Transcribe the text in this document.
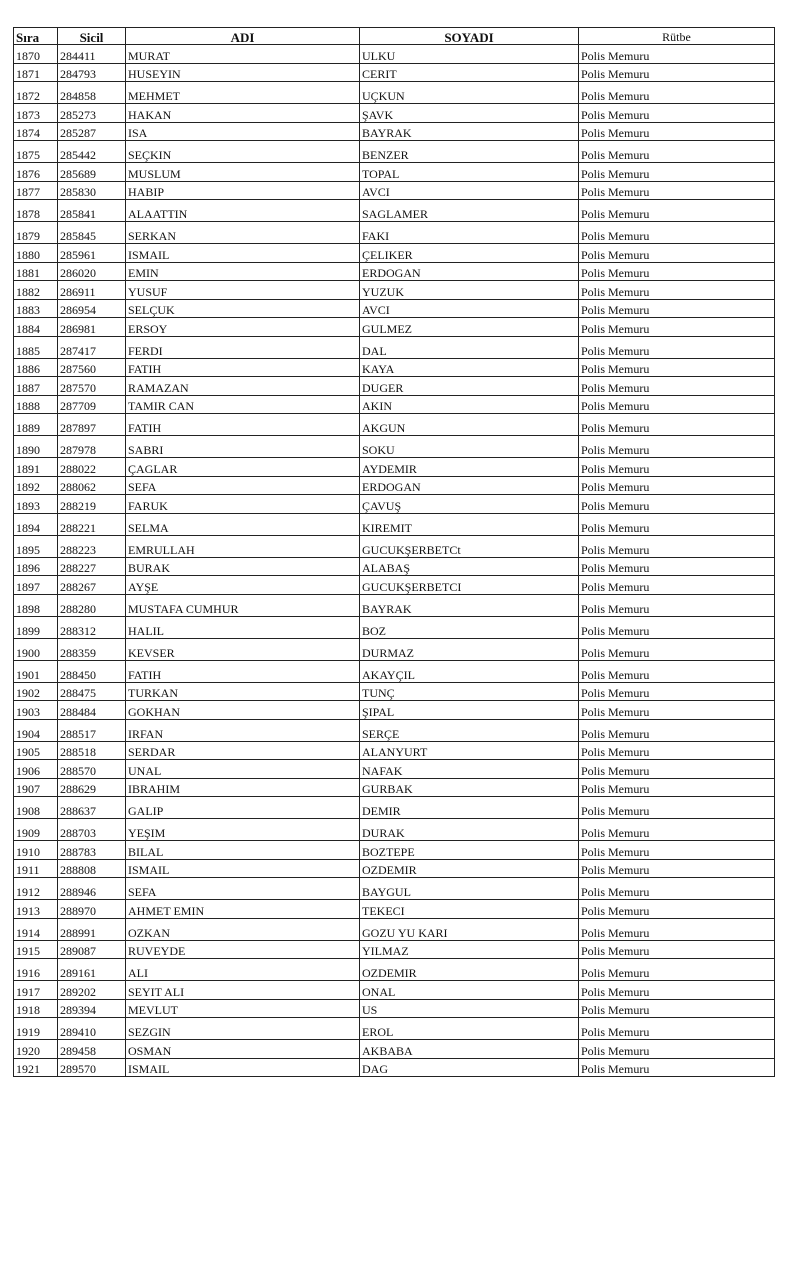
Sıra	Sicil	ADI	SOYADI	Rütbe
1870	284411	MURAT	ULKU	Polis Memuru
1871	284793	HUSEYIN	CERIT	Polis Memuru
1872	284858	MEHMET	UÇKUN	Polis Memuru
1873	285273	HAKAN	ŞAVK	Polis Memuru
1874	285287	ISA	BAYRAK	Polis Memuru
1875	285442	SEÇKIN	BENZER	Polis Memuru
1876	285689	MUSLUM	TOPAL	Polis Memuru
1877	285830	HABIP	AVCI	Polis Memuru
1878	285841	ALAATTIN	SAGLAMER	Polis Memuru
1879	285845	SERKAN	FAKI	Polis Memuru
1880	285961	ISMAIL	ÇELIKER	Polis Memuru
1881	286020	EMIN	ERDOGAN	Polis Memuru
1882	286911	YUSUF	YUZUK	Polis Memuru
1883	286954	SELÇUK	AVCI	Polis Memuru
1884	286981	ERSOY	GULMEZ	Polis Memuru
1885	287417	FERDI	DAL	Polis Memuru
1886	287560	FATIH	KAYA	Polis Memuru
1887	287570	RAMAZAN	DUGER	Polis Memuru
1888	287709	TAMIR CAN	AKIN	Polis Memuru
1889	287897	FATIH	AKGUN	Polis Memuru
1890	287978	SABRI	SOKU	Polis Memuru
1891	288022	ÇAGLAR	AYDEMIR	Polis Memuru
1892	288062	SEFA	ERDOGAN	Polis Memuru
1893	288219	FARUK	ÇAVUŞ	Polis Memuru
1894	288221	SELMA	KIREMIT	Polis Memuru
1895	288223	EMRULLAH	GUCUKŞERBETCt	Polis Memuru
1896	288227	BURAK	ALABAŞ	Polis Memuru
1897	288267	AYŞE	GUCUKŞERBETCI	Polis Memuru
1898	288280	MUSTAFA CUMHUR	BAYRAK	Polis Memuru
1899	288312	HALIL	BOZ	Polis Memuru
1900	288359	KEVSER	DURMAZ	Polis Memuru
1901	288450	FATIH	AKAYÇIL	Polis Memuru
1902	288475	TURKAN	TUNÇ	Polis Memuru
1903	288484	GOKHAN	ŞIPAL	Polis Memuru
1904	288517	IRFAN	SERÇE	Polis Memuru
1905	288518	SERDAR	ALANYURT	Polis Memuru
1906	288570	UNAL	NAFAK	Polis Memuru
1907	288629	IBRAHIM	GURBAK	Polis Memuru
1908	288637	GALIP	DEMIR	Polis Memuru
1909	288703	YEŞIM	DURAK	Polis Memuru
1910	288783	BILAL	BOZTEPE	Polis Memuru
1911	288808	ISMAIL	OZDEMIR	Polis Memuru
1912	288946	SEFA	BAYGUL	Polis Memuru
1913	288970	AHMET EMIN	TEKECI	Polis Memuru
1914	288991	OZKAN	GOZU YU KARI	Polis Memuru
1915	289087	RUVEYDE	YILMAZ	Polis Memuru
1916	289161	ALI	OZDEMIR	Polis Memuru
1917	289202	SEYIT ALI	ONAL	Polis Memuru
1918	289394	MEVLUT	US	Polis Memuru
1919	289410	SEZGIN	EROL	Polis Memuru
1920	289458	OSMAN	AKBABA	Polis Memuru
1921	289570	ISMAIL	DAG	Polis Memuru
